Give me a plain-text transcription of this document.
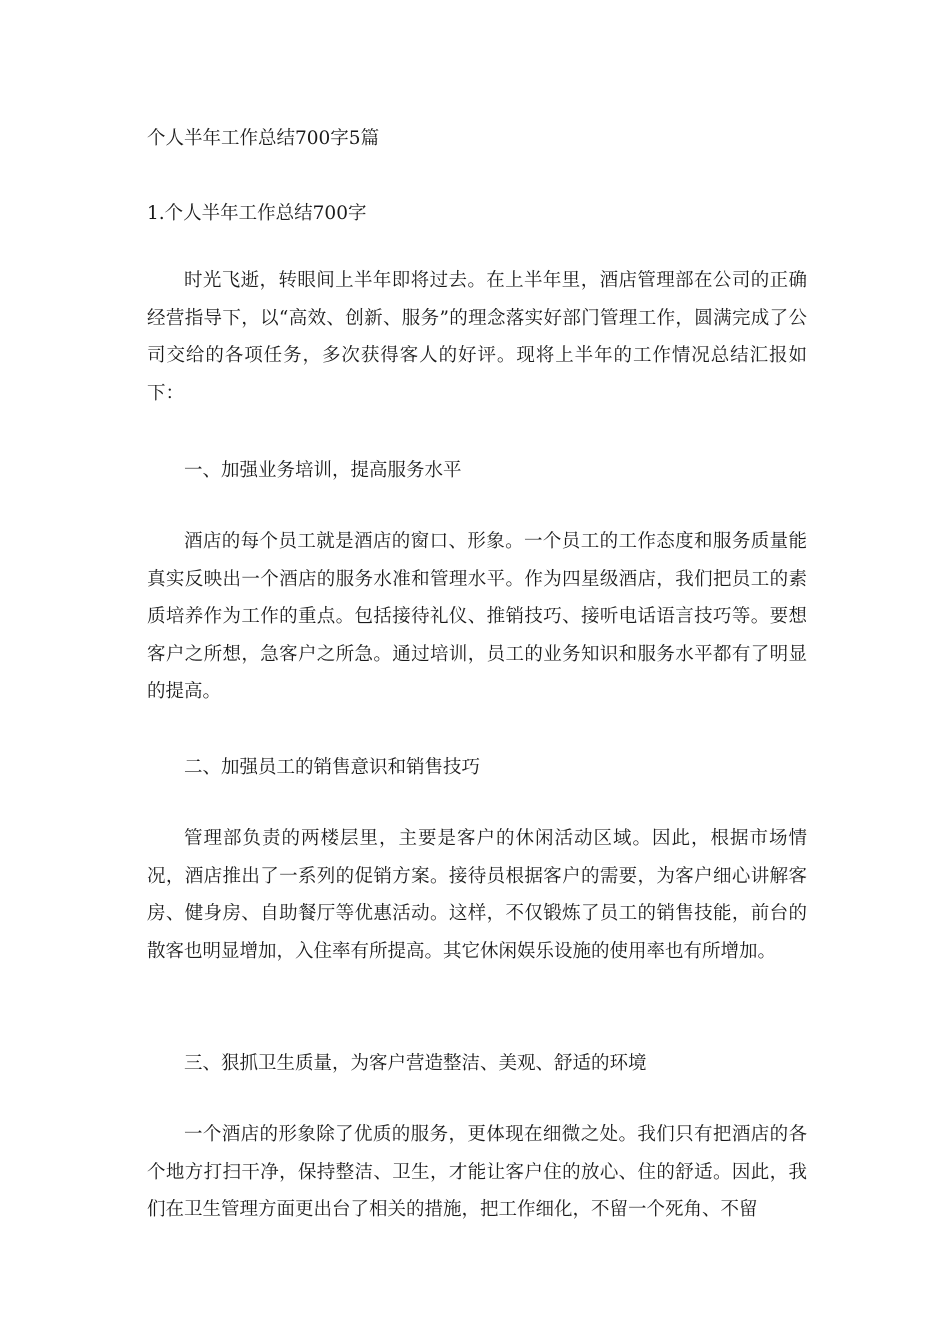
个人半年工作总结700字5篇
1.个人半年工作总结700字

时光飞逝，转眼间上半年即将过去。在上半年里，酒店管理部在公司的正确经营指导下，以“高效、创新、服务”的理念落实好部门管理工作，圆满完成了公司交给的各项任务，多次获得客人的好评。现将上半年的工作情况总结汇报如下：

一、加强业务培训，提高服务水平

酒店的每个员工就是酒店的窗口、形象。一个员工的工作态度和服务质量能真实反映出一个酒店的服务水准和管理水平。作为四星级酒店，我们把员工的素质培养作为工作的重点。包括接待礼仪、推销技巧、接听电话语言技巧等。要想客户之所想，急客户之所急。通过培训，员工的业务知识和服务水平都有了明显的提高。

二、加强员工的销售意识和销售技巧

管理部负责的两楼层里，主要是客户的休闲活动区域。因此，根据市场情况，酒店推出了一系列的促销方案。接待员根据客户的需要，为客户细心讲解客房、健身房、自助餐厅等优惠活动。这样，不仅锻炼了员工的销售技能，前台的散客也明显增加，入住率有所提高。其它休闲娱乐设施的使用率也有所增加。

三、狠抓卫生质量，为客户营造整洁、美观、舒适的环境

一个酒店的形象除了优质的服务，更体现在细微之处。我们只有把酒店的各个地方打扫干净，保持整洁、卫生，才能让客户住的放心、住的舒适。因此，我们在卫生管理方面更出台了相关的措施，把工作细化，不留一个死角、不留
